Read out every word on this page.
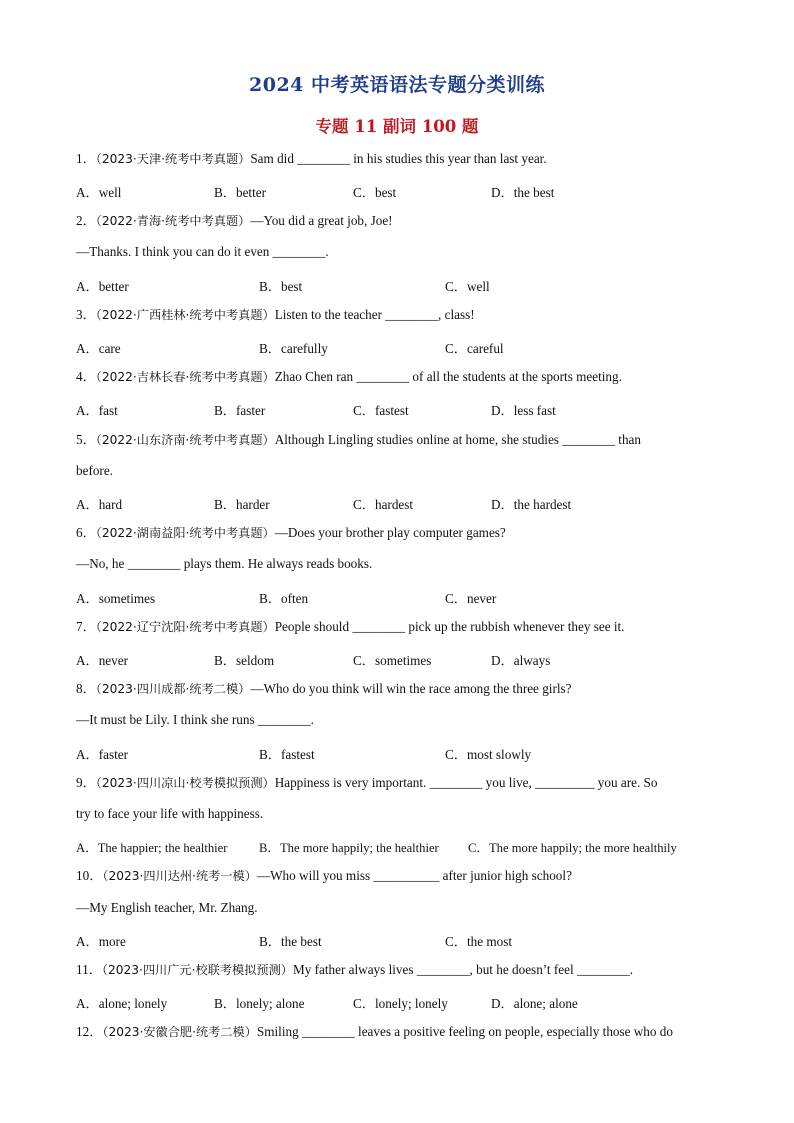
2024 中考英语语法专题分类训练
专题 11 副词 100 题
1．（2023·天津·统考中考真题）Sam did ________ in his studies this year than last year.
A．well	B．better	C．best	D．the best
2．（2022·青海·统考中考真题）—You did a great job, Joe!
—Thanks. I think you can do it even ________.
A．better	B．best	C．well
3．（2022·广西桂林·统考中考真题）Listen to the teacher ________, class!
A．care	B．carefully	C．careful
4．（2022·吉林长春·统考中考真题）Zhao Chen ran ________ of all the students at the sports meeting.
A．fast	B．faster	C．fastest	D．less fast
5．（2022·山东济南·统考中考真题）Although Lingling studies online at home, she studies ________ than
before.
A．hard	B．harder	C．hardest	D．the hardest
6．（2022·湖南益阳·统考中考真题）—Does your brother play computer games?
—No, he ________ plays them. He always reads books.
A．sometimes	B．often	C．never
7．（2022·辽宁沈阳·统考中考真题）People should ________ pick up the rubbish whenever they see it.
A．never	B．seldom	C．sometimes	D．always
8．（2023·四川成都·统考二模）—Who do you think will win the race among the three girls?
—It must be Lily. I think she runs ________.
A．faster	B．fastest	C．most slowly
9．（2023·四川凉山·校考模拟预测）Happiness is very important. ________ you live, _________ you are. So
try to face your life with happiness.
A．The happier; the healthier	B．The more happily; the healthier C．The more happily; the more healthily
10．（2023·四川达州·统考一模）—Who will you miss __________ after junior high school?
—My English teacher, Mr. Zhang.
A．more	B．the best	C．the most
11．（2023·四川广元·校联考模拟预测）My father always lives ________, but he doesn’t feel ________.
A．alone; lonely	B．lonely; alone	C．lonely; lonely	D．alone; alone
12．（2023·安徽合肥·统考二模）Smiling ________ leaves a positive feeling on people, especially those who do
